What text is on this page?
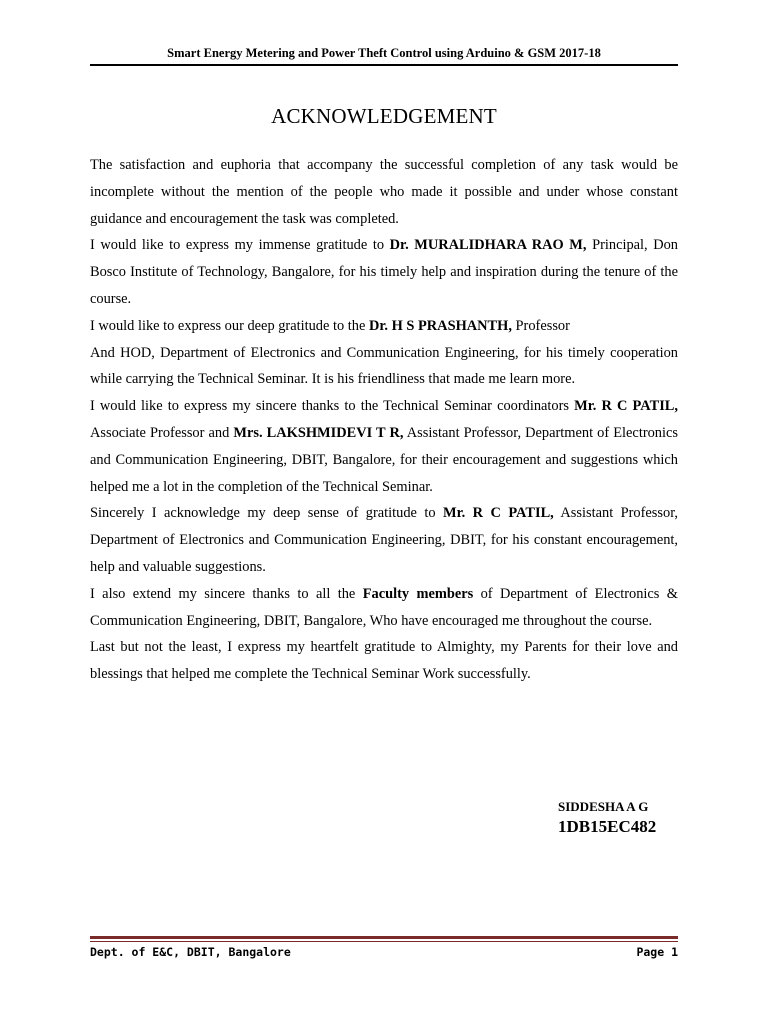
Smart Energy Metering and Power Theft Control using Arduino & GSM 2017-18
ACKNOWLEDGEMENT

The satisfaction and euphoria that accompany the successful completion of any task would be incomplete without the mention of the people who made it possible and under whose constant guidance and encouragement the task was completed.

I would like to express my immense gratitude to Dr. MURALIDHARA RAO M, Principal, Don Bosco Institute of Technology, Bangalore, for his timely help and inspiration during the tenure of the course.

I would like to express our deep gratitude to the Dr. H S PRASHANTH, Professor

And HOD, Department of Electronics and Communication Engineering, for his timely cooperation while carrying the Technical Seminar. It is his friendliness that made me learn more.

I would like to express my sincere thanks to the Technical Seminar coordinators Mr. R C PATIL, Associate Professor and Mrs. LAKSHMIDEVI T R, Assistant Professor, Department of Electronics and Communication Engineering, DBIT, Bangalore, for their encouragement and suggestions which helped me a lot in the completion of the Technical Seminar.

Sincerely I acknowledge my deep sense of gratitude to Mr. R C PATIL, Assistant Professor, Department of Electronics and Communication Engineering, DBIT, for his constant encouragement, help and valuable suggestions.

I also extend my sincere thanks to all the Faculty members of Department of Electronics & Communication Engineering, DBIT, Bangalore, Who have encouraged me throughout the course.

Last but not the least, I express my heartfelt gratitude to Almighty, my Parents for their love and blessings that helped me complete the Technical Seminar Work successfully.

SIDDESHA A G
1DB15EC482
Dept. of E&C, DBIT, Bangalore	Page 1
